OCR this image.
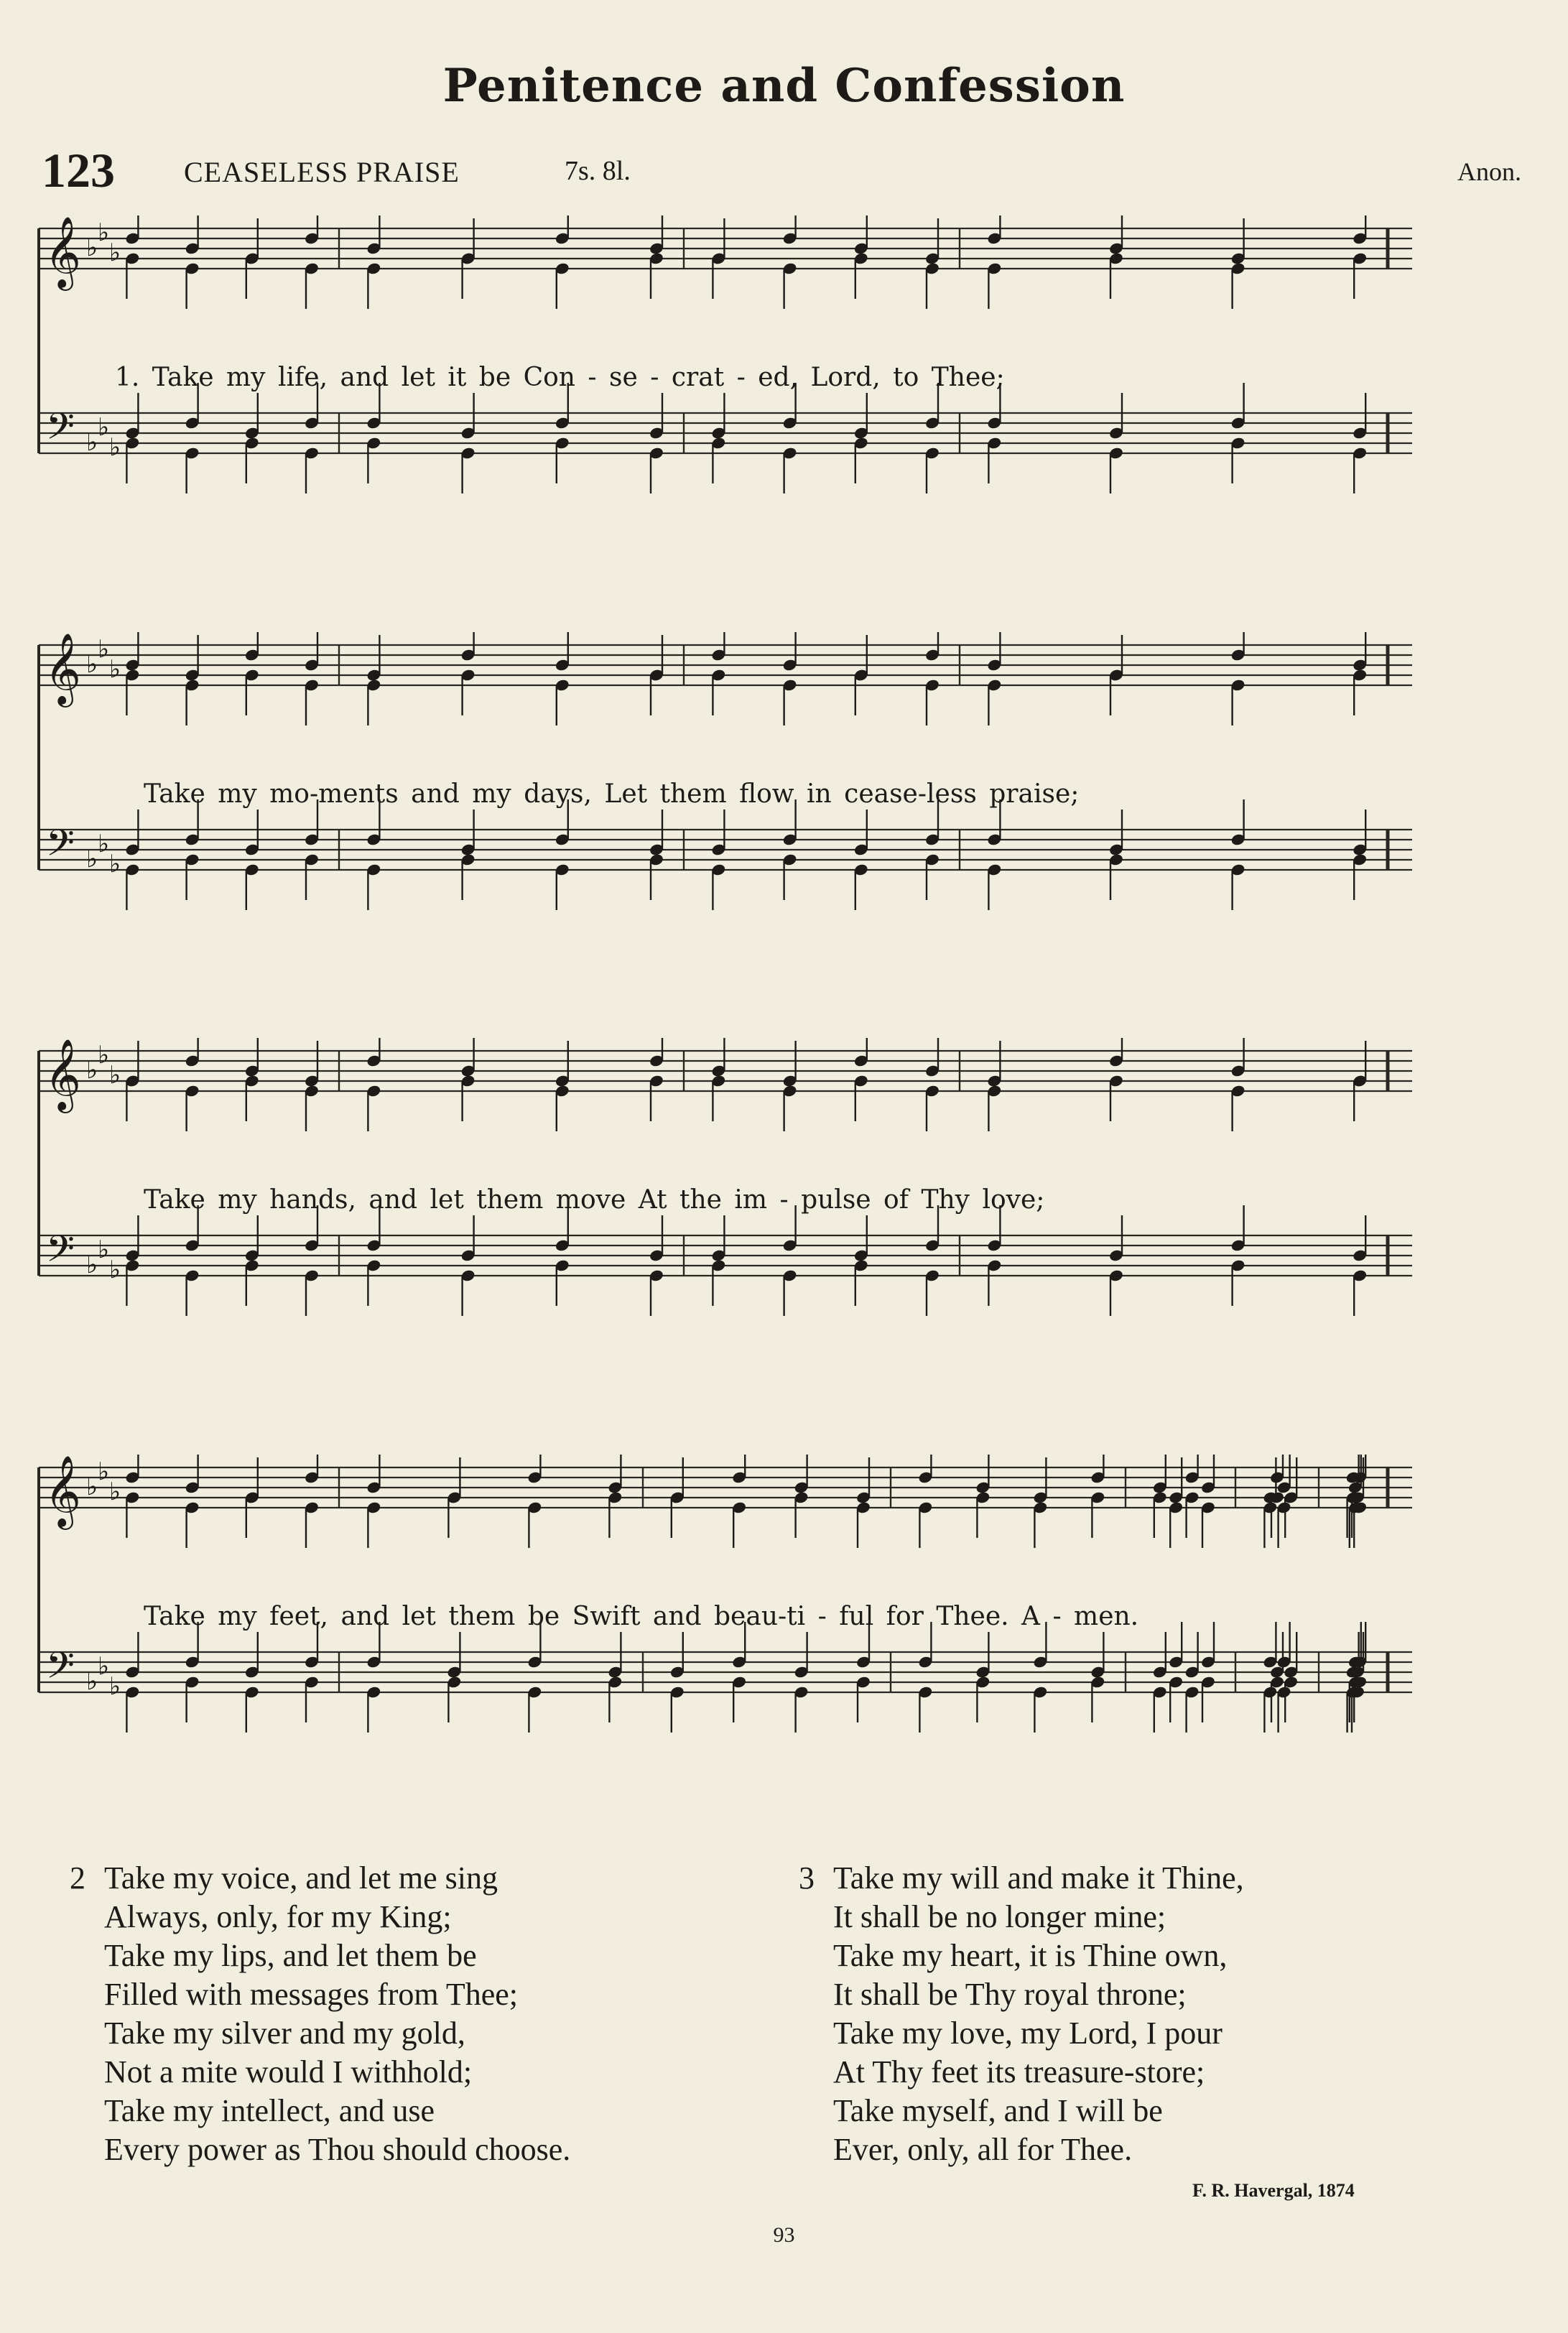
Penitence and Confession
123 CEASELESS PRAISE	7s. 8l.	Anon.
𝄞
𝄢
♭
♭
♭
♭
♭
♭
1. Take my life, and let it be Con - se - crat - ed, Lord, to Thee;
𝄞
𝄢
♭
♭
♭
♭
♭
♭
Take my mo-ments and my days, Let them flow in cease-less praise;
𝄞
𝄢
♭
♭
♭
♭
♭
♭
Take my hands, and let them move At the im - pulse of Thy love;
𝄞
𝄢
♭
♭
♭
♭
♭
♭
Take my feet, and let them be Swift and beau-ti - ful for Thee. A - men.
2 Take my voice, and let me sing
Always, only, for my King;
Take my lips, and let them be
Filled with messages from Thee;
Take my silver and my gold,
Not a mite would I withhold;
Take my intellect, and use
Every power as Thou should choose.
3 Take my will and make it Thine,
It shall be no longer mine;
Take my heart, it is Thine own,
It shall be Thy royal throne;
Take my love, my Lord, I pour
At Thy feet its treasure-store;
Take myself, and I will be
Ever, only, all for Thee.
F. R. Havergal, 1874
93
